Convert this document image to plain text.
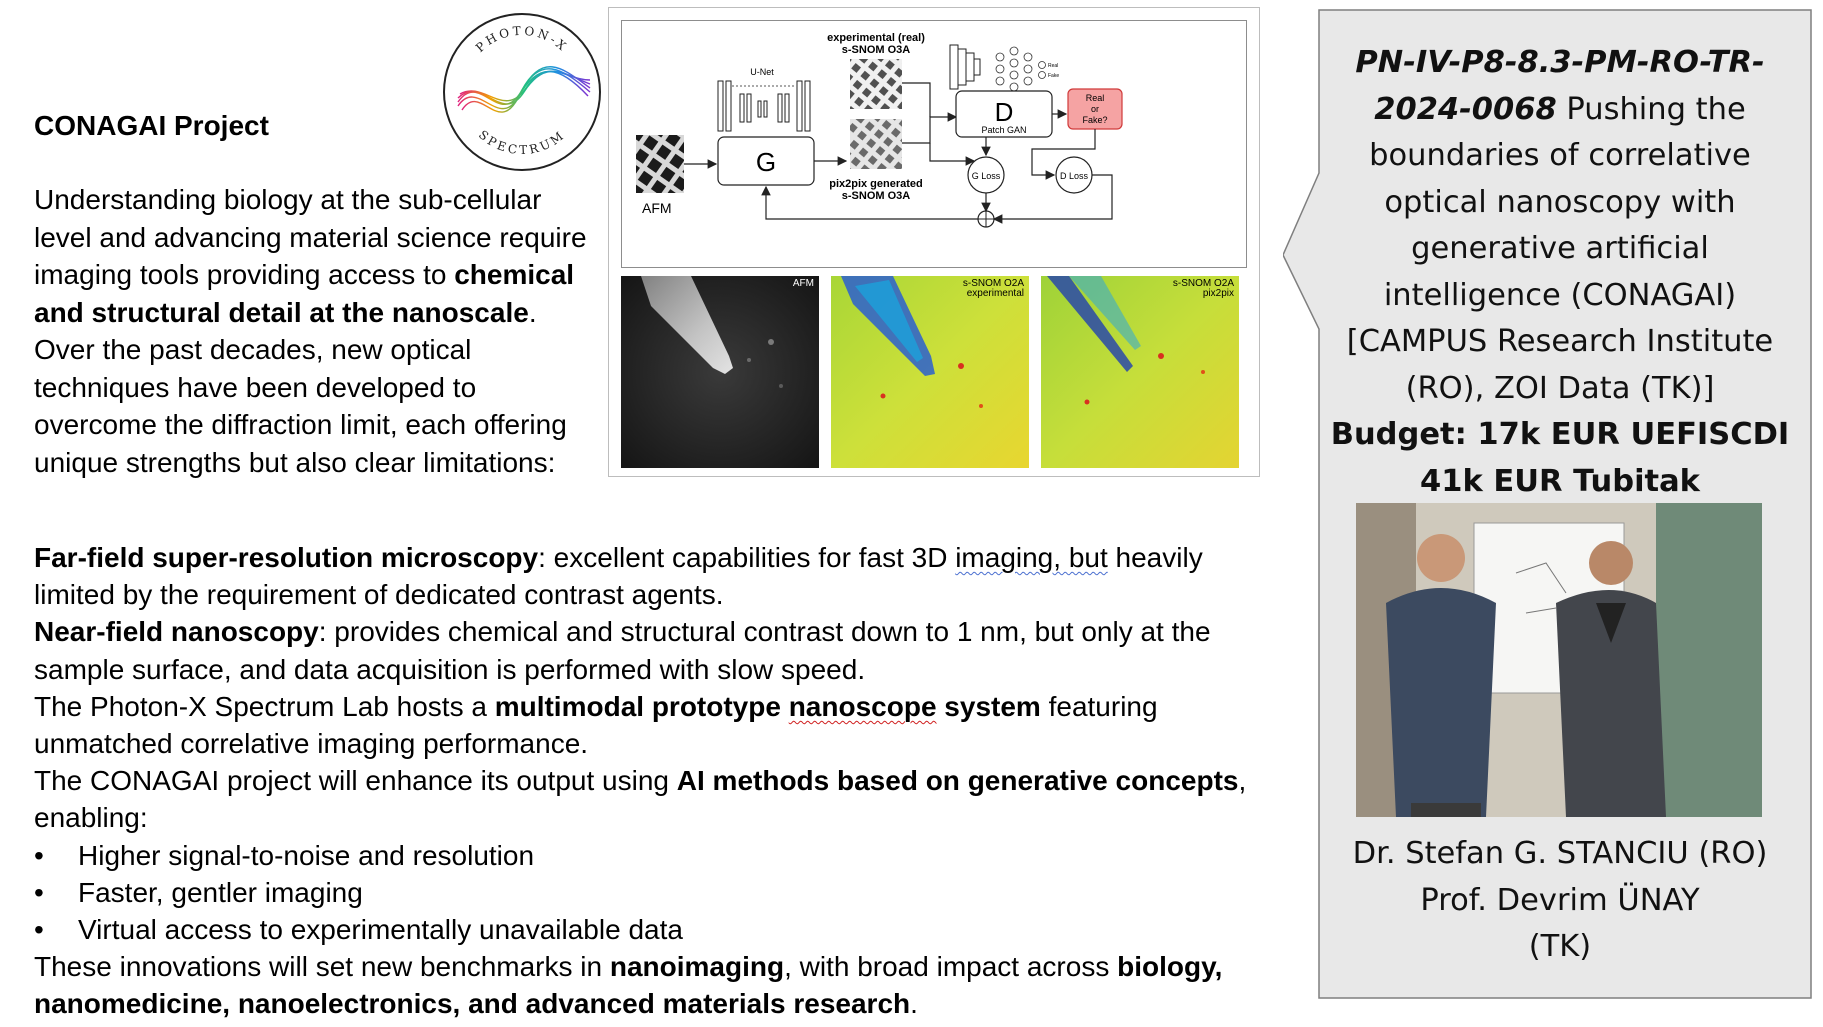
CONAGAI Project
Understanding biology at the sub-cellular level and advancing material science require imaging tools providing access to chemical and structural detail at the nanoscale. Over the past decades, new optical techniques have been developed to overcome the diffraction limit, each offering unique strengths but also clear limitations:

Far-field super-resolution microscopy: excellent capabilities for fast 3D imaging, but heavily limited by the requirement of dedicated contrast agents.

Near-field nanoscopy: provides chemical and structural contrast down to 1 nm, but only at the sample surface, and data acquisition is performed with slow speed.

The Photon-X Spectrum Lab hosts a multimodal prototype nanoscope system featuring unmatched correlative imaging performance.

The CONAGAI project will enhance its output using AI methods based on generative concepts, enabling:

• Higher signal-to-noise and resolution
• Faster, gentler imaging
• Virtual access to experimentally unavailable data

These innovations will set new benchmarks in nanoimaging, with broad impact across biology, nanomedicine, nanoelectronics, and advanced materials research.

PHOTON-X
SPECTRUM
AFM
U-Net
G
experimental (real)
s-SNOM O3A
pix2pix generated
s-SNOM O3A
Real
Fake
D
Patch GAN
Real
or
Fake?
G Loss	D Loss
AFM	s-SNOM O2A
experimental
s-SNOM O2A
pix2pix
PN-IV-P8-8.3-PM-RO-TR-2024-0068 Pushing the boundaries of correlative optical nanoscopy with generative artificial intelligence (CONAGAI) [CAMPUS Research Institute (RO), ZOI Data (TK)]
Budget: 17k EUR UEFISCDI
41k EUR Tubitak
Dr. Stefan G. STANCIU (RO)
Prof. Devrim ÜNAY
(TK)
